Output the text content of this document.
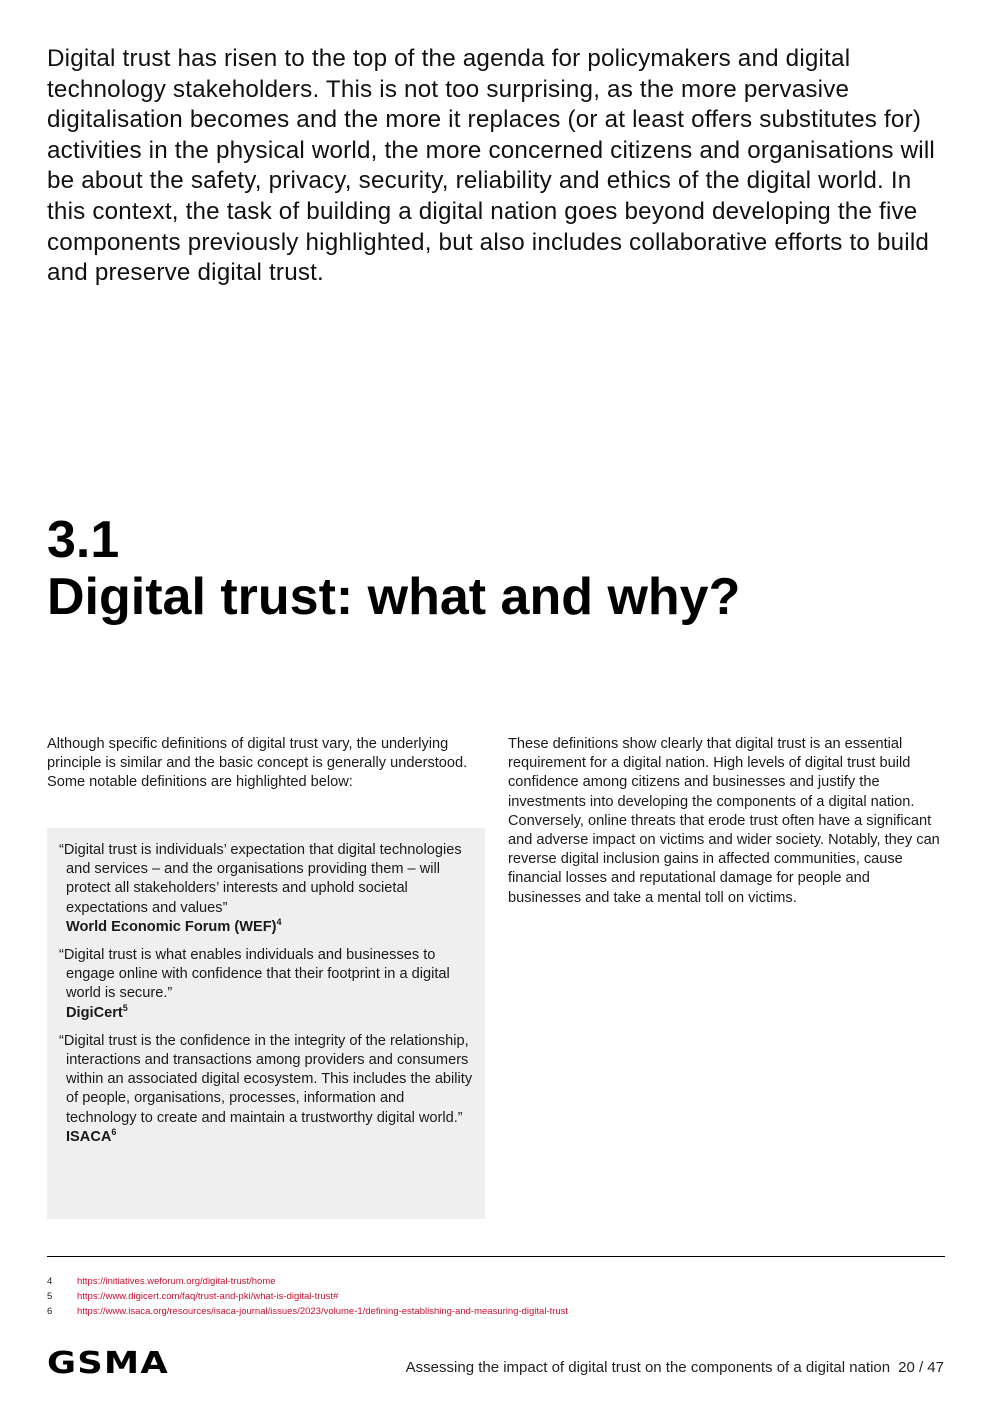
Digital trust has risen to the top of the agenda for policymakers and digital technology stakeholders. This is not too surprising, as the more pervasive digitalisation becomes and the more it replaces (or at least offers substitutes for) activities in the physical world, the more concerned citizens and organisations will be about the safety, privacy, security, reliability and ethics of the digital world. In this context, the task of building a digital nation goes beyond developing the five components previously highlighted, but also includes collaborative efforts to build and preserve digital trust.
3.1
Digital trust: what and why?

Although specific definitions of digital trust vary, the underlying principle is similar and the basic concept is generally understood. Some notable definitions are highlighted below:

“Digital trust is individuals’ expectation that digital technologies and services – and the organisations providing them – will protect all stakeholders’ interests and uphold societal expectations and values”
World Economic Forum (WEF)$^4$
“Digital trust is what enables individuals and businesses to engage online with confidence that their footprint in a digital world is secure.”
DigiCert$^5$
“Digital trust is the confidence in the integrity of the relationship, interactions and transactions among providers and consumers within an associated digital ecosystem. This includes the ability of people, organisations, processes, information and technology to create and maintain a trustworthy digital world.”
ISACA$^6$
These definitions show clearly that digital trust is an essential requirement for a digital nation. High levels of digital trust build confidence among citizens and businesses and justify the investments into developing the components of a digital nation. Conversely, online threats that erode trust often have a significant and adverse impact on victims and wider society. Notably, they can reverse digital inclusion gains in affected communities, cause financial losses and reputational damage for people and businesses and take a mental toll on victims.
4	https://initiatives.weforum.org/digital-trust/home
5	https://www.digicert.com/faq/trust-and-pki/what-is-digital-trust#
6	https://www.isaca.org/resources/isaca-journal/issues/2023/volume-1/defining-establishing-and-measuring-digital-trust
GSMA	Assessing the impact of digital trust on the components of a digital nation 20 / 47
